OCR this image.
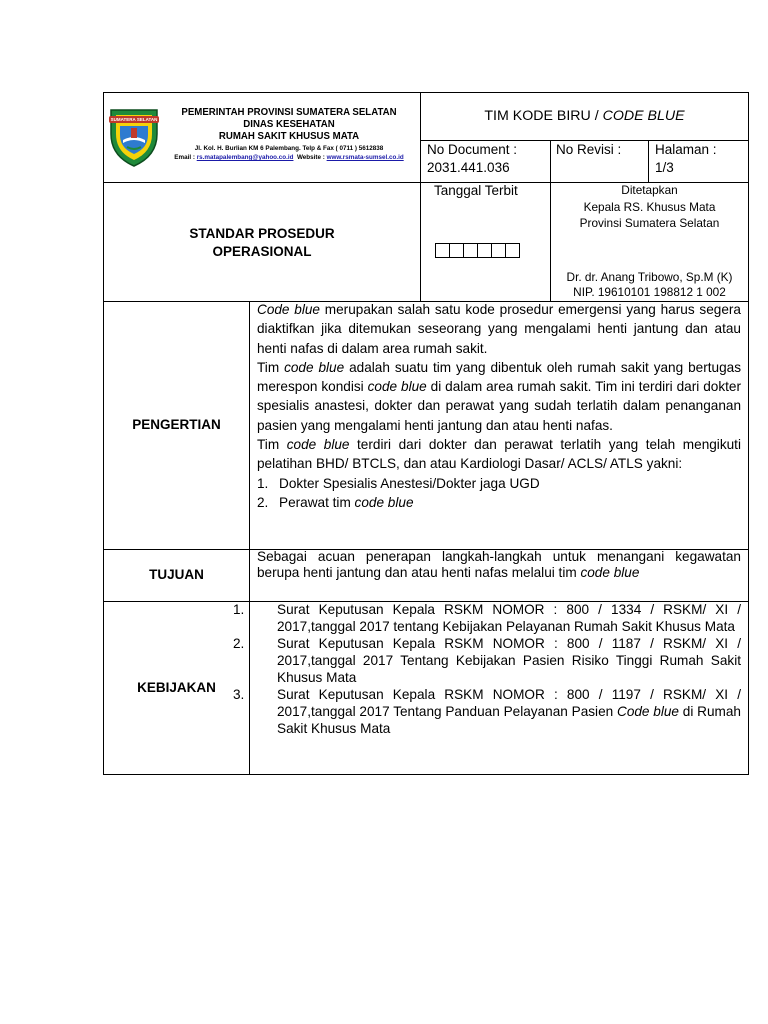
SUMATERA SELATAN
PEMERINTAH PROVINSI SUMATERA SELATAN
DINAS KESEHATAN
RUMAH SAKIT KHUSUS MATA
Jl. Kol. H. Burlian KM 6 Palembang. Telp & Fax ( 0711 ) 5612838
Email : rs.matapalembang@yahoo.co.id Website : www.rsmata-sumsel.co.id
TIM KODE BIRU / CODE BLUE
No Document :
2031.441.036
No Revisi :	Halaman :
1/3
STANDAR PROSEDUR
OPERASIONAL
Tanggal Terbit	Ditetapkan
Kepala RS. Khusus Mata
Provinsi Sumatera Selatan
Dr. dr. Anang Tribowo, Sp.M (K)
NIP. 19610101 198812 1 002
PENGERTIAN

Code blue merupakan salah satu kode prosedur emergensi yang harus segera diaktifkan jika ditemukan seseorang yang mengalami henti jantung dan atau henti nafas di dalam area rumah sakit.

Tim code blue adalah suatu tim yang dibentuk oleh rumah sakit yang bertugas merespon kondisi code blue di dalam area rumah sakit. Tim ini terdiri dari dokter spesialis anastesi, dokter dan perawat yang sudah terlatih dalam penanganan pasien yang mengalami henti jantung dan atau henti nafas.

Tim code blue terdiri dari dokter dan perawat terlatih yang telah mengikuti pelatihan BHD/ BTCLS, dan atau Kardiologi Dasar/ ACLS/ ATLS yakni:

1. Dokter Spesialis Anestesi/Dokter jaga UGD
2. Perawat tim code blue
TUJUAN

Sebagai acuan penerapan langkah-langkah untuk menangani kegawatan berupa henti jantung dan atau henti nafas melalui tim code blue

KEBIJAKAN
1. Surat Keputusan Kepala RSKM NOMOR : 800 / 1334 / RSKM/ XI / 2017,tanggal 2017 tentang Kebijakan Pelayanan Rumah Sakit Khusus Mata
2. Surat Keputusan Kepala RSKM NOMOR : 800 / 1187 / RSKM/ XI / 2017,tanggal 2017 Tentang Kebijakan Pasien Risiko Tinggi Rumah Sakit Khusus Mata
3. Surat Keputusan Kepala RSKM NOMOR : 800 / 1197 / RSKM/ XI / 2017,tanggal 2017 Tentang Panduan Pelayanan Pasien Code blue di Rumah Sakit Khusus Mata
